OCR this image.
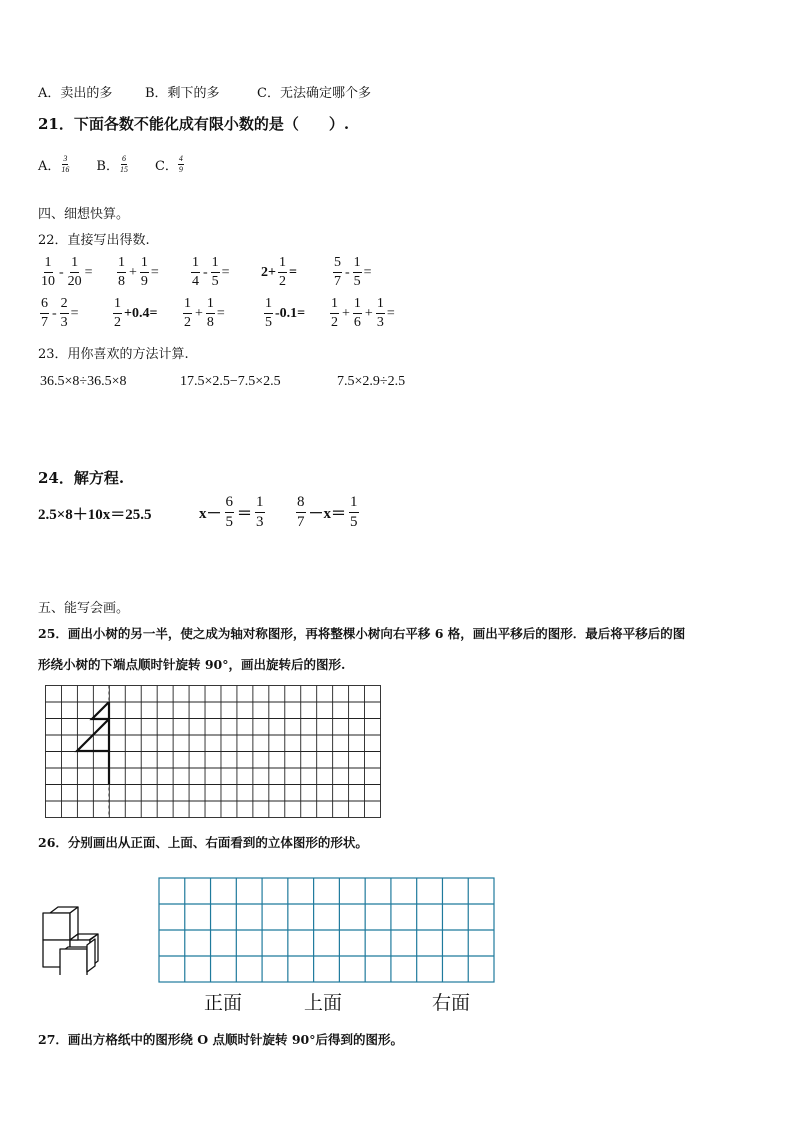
A．卖出的多	B．剩下的多	C．无法确定哪个多
21．下面各数不能化成有限小数的是（　　）.
A． $\frac{3}{16}$ B． $\frac{6}{15}$ C． $\frac{4}{9}$
四、细想快算。
22．直接写出得数.
$\frac{1}{10} - \frac{1}{20} = \frac{1}{8} + \frac{1}{9} = \frac{1}{4} - \frac{1}{5} = 2+ \frac{1}{2}$ =	$\frac{5}{7} - \frac{1}{5}$ =
$\frac{6}{7} - \frac{2}{3} = \frac{1}{2} +0.4= \frac{1}{2} + \frac{1}{8}$ =	$\frac{1}{5} -0.1= \frac{1}{2} + \frac{1}{6} + \frac{1}{3}$ =
23．用你喜欢的方法计算.
36.5×8÷36.5×8	17.5×2.5−7.5×2.5	7.5×2.9÷2.5
24．解方程.
2.5×8＋10x＝25.5	$x- \frac{6}{5} = \frac{1}{3} \frac{8}{7} -x= \frac{1}{5}$
五、能写会画。
25．画出小树的另一半，使之成为轴对称图形，再将整棵小树向右平移 6 格，画出平移后的图形．最后将平移后的图
形绕小树的下端点顺时针旋转 90°，画出旋转后的图形.
26．分别画出从正面、上面、右面看到的立体图形的形状。
正面	上面	右面
27．画出方格纸中的图形绕 O 点顺时针旋转 90°后得到的图形。
